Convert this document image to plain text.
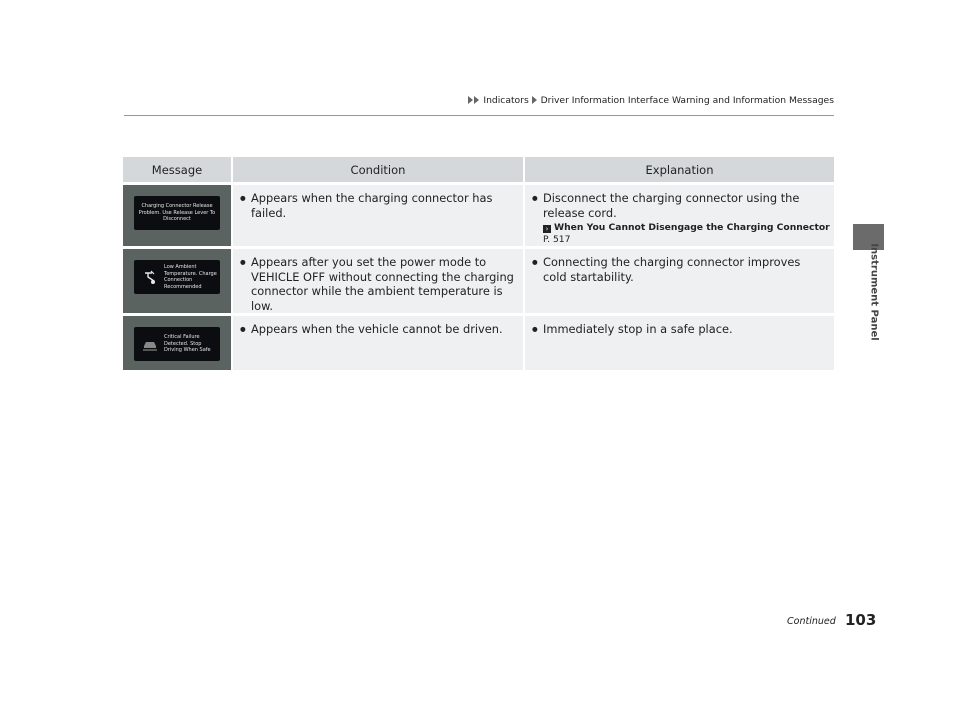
Indicators Driver Information Interface Warning and Information Messages
Instrument Panel
Message	Condition	Explanation

Charging Connector Release Problem. Use Release Lever To Disconnect	● Appears when the charging connector has failed.	● Disconnect the charging connector using the release cord.
› When You Cannot Disengage the Charging Connector P. 517

Low Ambient Temperature. Charge Connection Recommended	● Appears after you set the power mode to VEHICLE OFF without connecting the charging connector while the ambient temperature is low.	● Connecting the charging connector improves cold startability.

Critical Failure Detected. Stop Driving When Safe	● Appears when the vehicle cannot be driven.	● Immediately stop in a safe place.
Continued 103
